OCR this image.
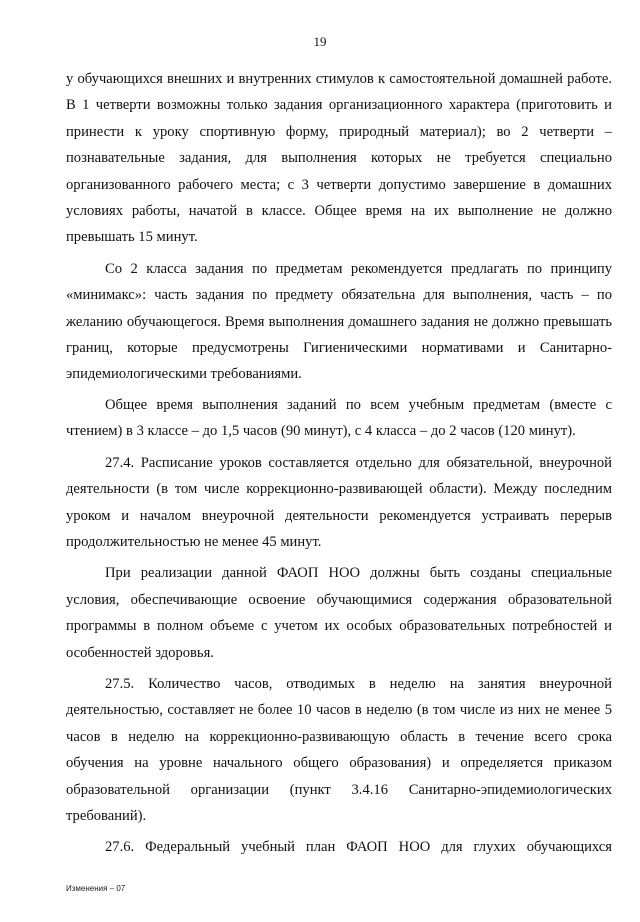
19

у обучающихся внешних и внутренних стимулов к самостоятельной домашней работе. В 1 четверти возможны только задания организационного характера (приготовить и принести к уроку спортивную форму, природный материал); во 2 четверти – познавательные задания, для выполнения которых не требуется специально организованного рабочего места; с 3 четверти допустимо завершение в домашних условиях работы, начатой в классе. Общее время на их выполнение не должно превышать 15 минут.

Со 2 класса задания по предметам рекомендуется предлагать по принципу «минимакс»: часть задания по предмету обязательна для выполнения, часть – по желанию обучающегося. Время выполнения домашнего задания не должно превышать границ, которые предусмотрены Гигиеническими нормативами и Санитарно-эпидемиологическими требованиями.

Общее время выполнения заданий по всем учебным предметам (вместе с чтением) в 3 классе – до 1,5 часов (90 минут), с 4 класса – до 2 часов (120 минут).

27.4. Расписание уроков составляется отдельно для обязательной, внеурочной деятельности (в том числе коррекционно-развивающей области). Между последним уроком и началом внеурочной деятельности рекомендуется устраивать перерыв продолжительностью не менее 45 минут.

При реализации данной ФАОП НОО должны быть созданы специальные условия, обеспечивающие освоение обучающимися содержания образовательной программы в полном объеме с учетом их особых образовательных потребностей и особенностей здоровья.

27.5. Количество часов, отводимых в неделю на занятия внеурочной деятельностью, составляет не более 10 часов в неделю (в том числе из них не менее 5 часов в неделю на коррекционно-развивающую область в течение всего срока обучения на уровне начального общего образования) и определяется приказом образовательной организации (пункт 3.4.16 Санитарно-эпидемиологических требований).

27.6. Федеральный учебный план ФАОП НОО для глухих обучающихся

Изменения – 07
